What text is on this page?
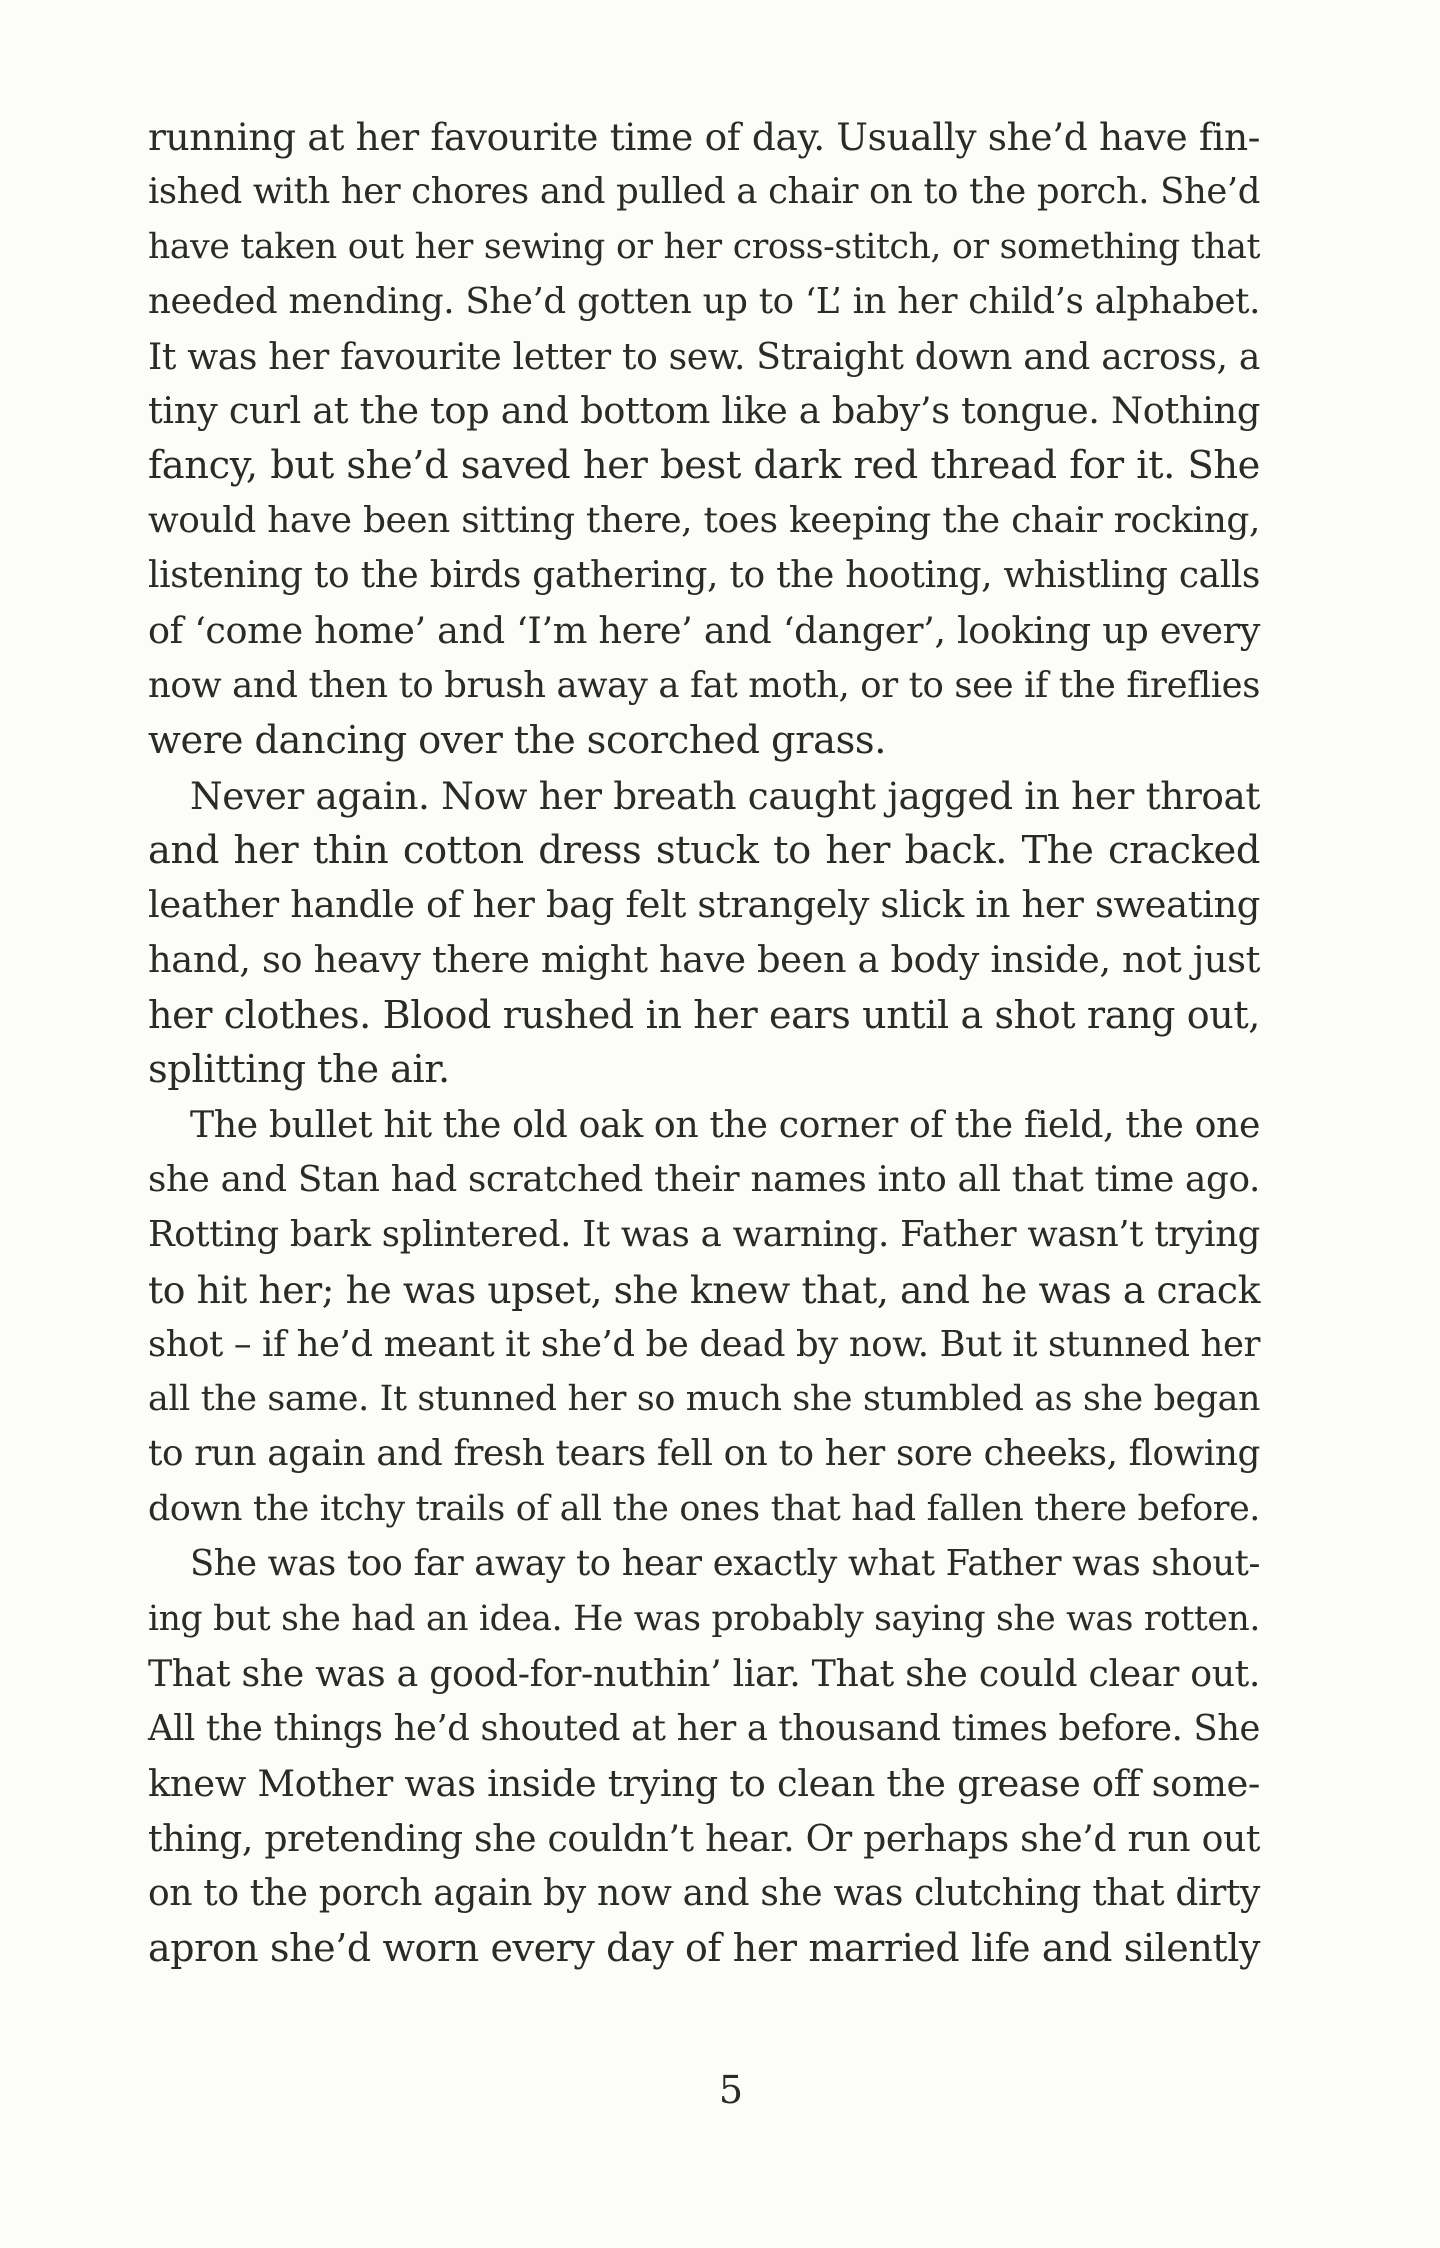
running at her favourite time of day. Usually she’d have fin-
ished with her chores and pulled a chair on to the porch. She’d
have taken out her sewing or her cross-stitch, or something that
needed mending. She’d gotten up to ‘L’ in her child’s alphabet.
It was her favourite letter to sew. Straight down and across, a
tiny curl at the top and bottom like a baby’s tongue. Nothing
fancy, but she’d saved her best dark red thread for it. She
would have been sitting there, toes keeping the chair rocking,
listening to the birds gathering, to the hooting, whistling calls
of ‘come home’ and ‘I’m here’ and ‘danger’, looking up every
now and then to brush away a fat moth, or to see if the fireflies
were dancing over the scorched grass.
Never again. Now her breath caught jagged in her throat
and her thin cotton dress stuck to her back. The cracked
leather handle of her bag felt strangely slick in her sweating
hand, so heavy there might have been a body inside, not just
her clothes. Blood rushed in her ears until a shot rang out,
splitting the air.
The bullet hit the old oak on the corner of the field, the one
she and Stan had scratched their names into all that time ago.
Rotting bark splintered. It was a warning. Father wasn’t trying
to hit her; he was upset, she knew that, and he was a crack
shot – if he’d meant it she’d be dead by now. But it stunned her
all the same. It stunned her so much she stumbled as she began
to run again and fresh tears fell on to her sore cheeks, flowing
down the itchy trails of all the ones that had fallen there before.
She was too far away to hear exactly what Father was shout-
ing but she had an idea. He was probably saying she was rotten.
That she was a good-for-nuthin’ liar. That she could clear out.
All the things he’d shouted at her a thousand times before. She
knew Mother was inside trying to clean the grease off some-
thing, pretending she couldn’t hear. Or perhaps she’d run out
on to the porch again by now and she was clutching that dirty
apron she’d worn every day of her married life and silently
5
